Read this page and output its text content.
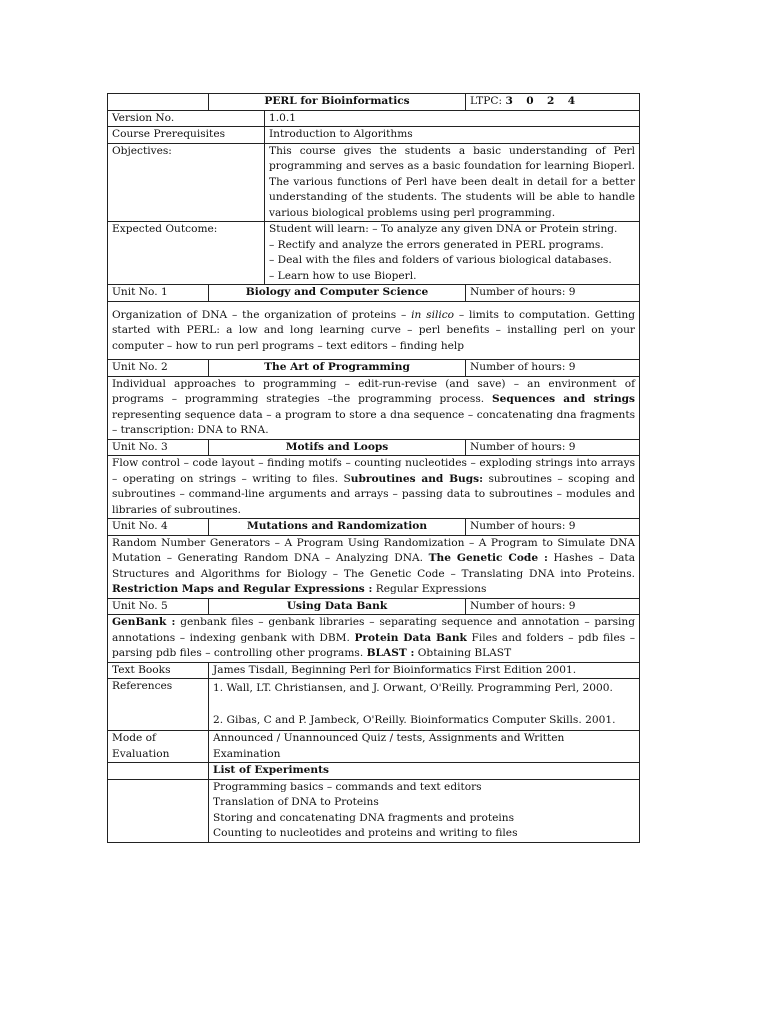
	PERL for Bioinformatics		LTPC: 3 0 2 4
Version No.		1.0.1	
Course Prerequisites		Introduction to Algorithms	
Objectives:		This course gives the students a basic understanding of Perl programming and serves as a basic foundation for learning Bioperl. The various functions of Perl have been dealt in detail for a better understanding of the students. The students will be able to handle various biological problems using perl programming.	
Expected Outcome:		Student will learn: – To analyze any given DNA or Protein string.
– Rectify and analyze the errors generated in PERL programs.
– Deal with the files and folders of various biological databases.
– Learn how to use Bioperl.	

Unit No. 1	Biology and Computer Science		Number of hours: 9
Organization of DNA – the organization of proteins – in silico – limits to computation. Getting started with PERL: a low and long learning curve – perl benefits – installing perl on your computer – how to run perl programs – text editors – finding help			
Unit No. 2	The Art of Programming		Number of hours: 9
Individual approaches to programming – edit-run-revise (and save) – an environment of programs – programming strategies –the programming process. Sequences and strings representing sequence data – a program to store a dna sequence – concatenating dna fragments – transcription: DNA to RNA.			
Unit No. 3	Motifs and Loops		Number of hours: 9
Flow control – code layout – finding motifs – counting nucleotides – exploding strings into arrays – operating on strings – writing to files. Subroutines and Bugs: subroutines – scoping and subroutines – command-line arguments and arrays – passing data to subroutines – modules and libraries of subroutines.			
Unit No. 4	Mutations and Randomization		Number of hours: 9
Random Number Generators – A Program Using Randomization – A Program to Simulate DNA Mutation – Generating Random DNA – Analyzing DNA. The Genetic Code : Hashes – Data Structures and Algorithms for Biology – The Genetic Code – Translating DNA into Proteins. Restriction Maps and Regular Expressions : Regular Expressions			
Unit No. 5	Using Data Bank		Number of hours: 9
GenBank : genbank files – genbank libraries – separating sequence and annotation – parsing annotations – indexing genbank with DBM. Protein Data Bank Files and folders – pdb files – parsing pdb files – controlling other programs. BLAST : Obtaining BLAST			
Text Books	James Tisdall, Beginning Perl for Bioinformatics First Edition 2001.		
References	1. Wall, LT. Christiansen, and J. Orwant, O'Reilly. Programming Perl, 2000.
2. Gibas, C and P. Jambeck, O'Reilly. Bioinformatics Computer Skills. 2001.		

Mode of
Evaluation	Announced / Unannounced Quiz / tests, Assignments and Written Examination		
	List of Experiments		

	Programming basics – commands and text editors
Translation of DNA to Proteins
Storing and concatenating DNA fragments and proteins
Counting to nucleotides and proteins and writing to files		
